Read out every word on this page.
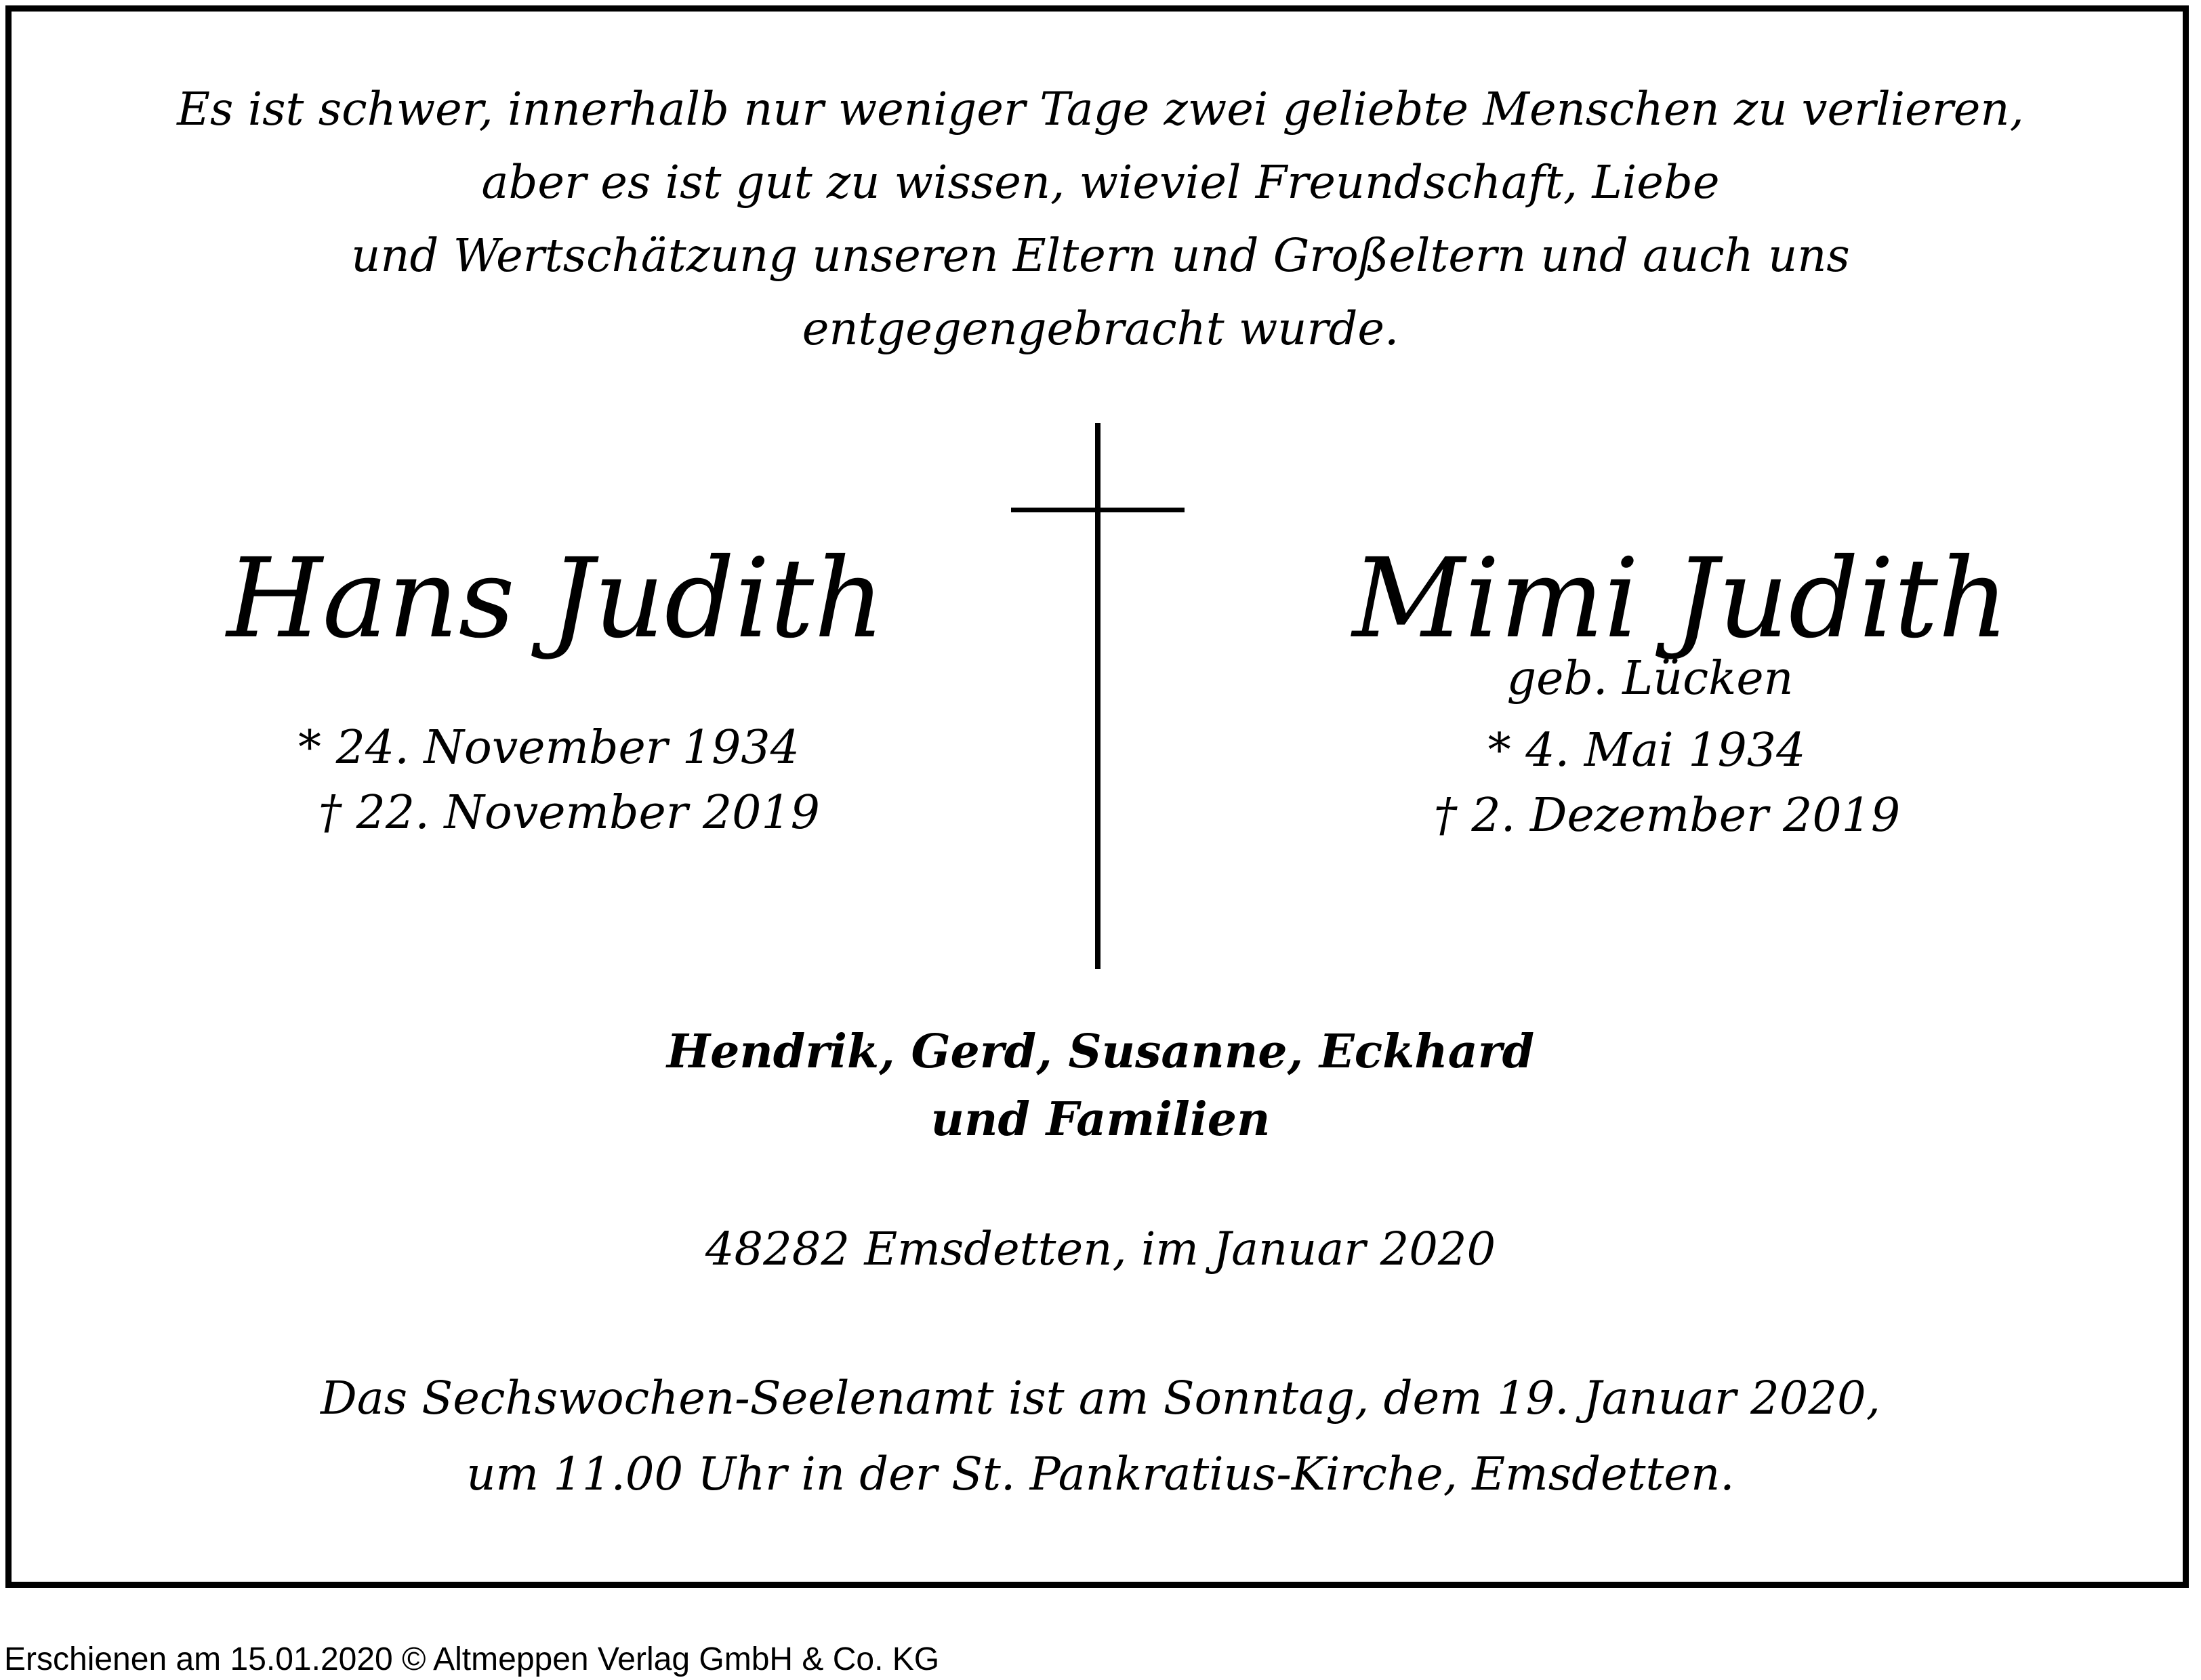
Es ist schwer, innerhalb nur weniger Tage zwei geliebte Menschen zu verlieren,
aber es ist gut zu wissen, wieviel Freundschaft, Liebe
und Wertschätzung unseren Eltern und Großeltern und auch uns
entgegengebracht wurde.
Hans Judith
* 24. November 1934
† 22. November 2019
Mimi Judith
geb. Lücken
* 4. Mai 1934
† 2. Dezember 2019
Hendrik, Gerd, Susanne, Eckhard
und Familien
48282 Emsdetten, im Januar 2020
Das Sechswochen-Seelenamt ist am Sonntag, dem 19. Januar 2020,
um 11.00 Uhr in der St. Pankratius-Kirche, Emsdetten.
Erschienen am 15.01.2020 © Altmeppen Verlag GmbH & Co. KG
